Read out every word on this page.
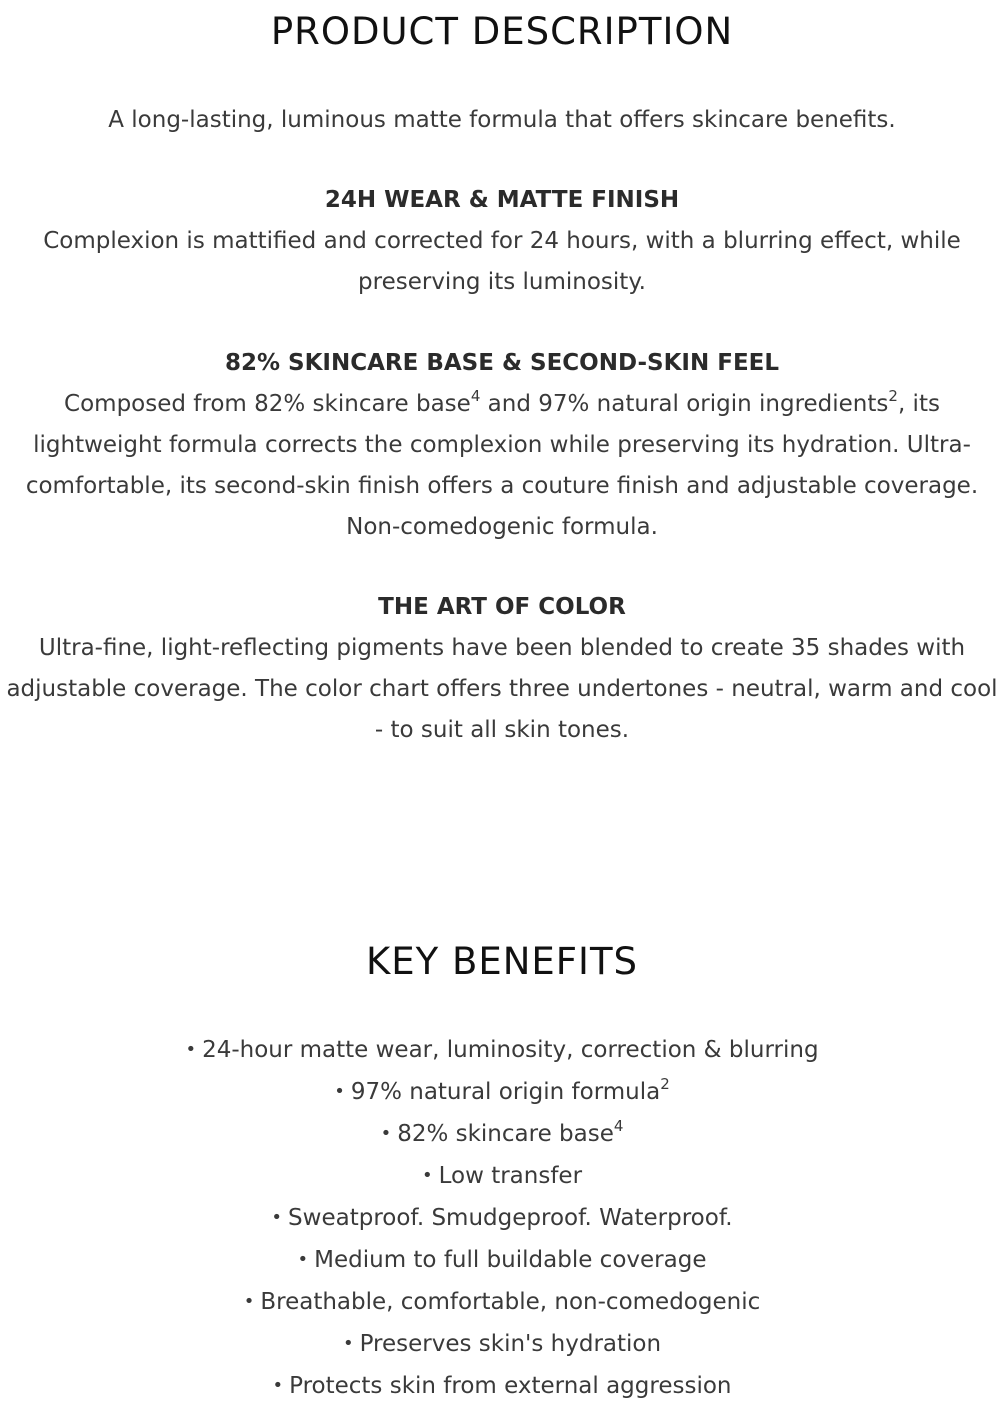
PRODUCT DESCRIPTION

A long-lasting, luminous matte formula that offers skincare benefits.

24H WEAR & MATTE FINISH

Complexion is mattified and corrected for 24 hours, with a blurring effect, while preserving its luminosity.

82% SKINCARE BASE & SECOND-SKIN FEEL

Composed from 82% skincare base$^4$ and 97% natural origin ingredients$^2$, its lightweight formula corrects the complexion while preserving its hydration. Ultra-comfortable, its second-skin finish offers a couture finish and adjustable coverage. Non-comedogenic formula.

THE ART OF COLOR

Ultra-fine, light-reflecting pigments have been blended to create 35 shades with adjustable coverage. The color chart offers three undertones - neutral, warm and cool - to suit all skin tones.

KEY BENEFITS
• 24-hour matte wear, luminosity, correction & blurring
• 97% natural origin formula$^2$
• 82% skincare base$^4$
• Low transfer
• Sweatproof. Smudgeproof. Waterproof.
• Medium to full buildable coverage
• Breathable, comfortable, non-comedogenic
• Preserves skin's hydration
• Protects skin from external aggression
